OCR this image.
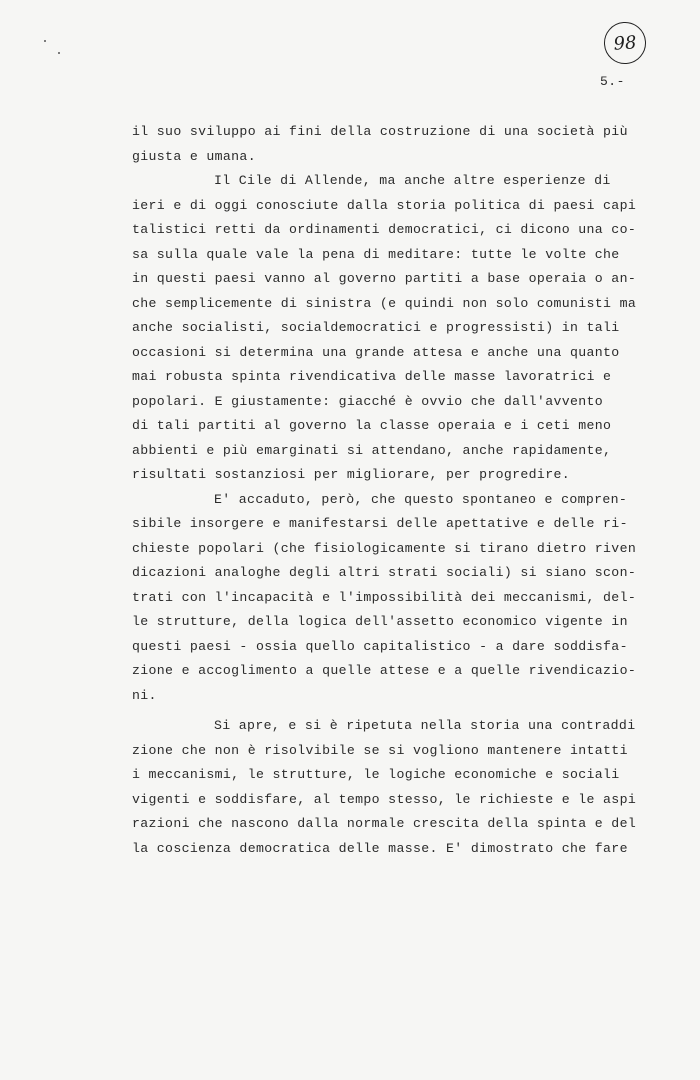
98
5.-
il suo sviluppo ai fini della costruzione di una società più
giusta e umana.
Il Cile di Allende, ma anche altre esperienze di
ieri e di oggi conosciute dalla storia politica di paesi capi
talistici retti da ordinamenti democratici, ci dicono una co-
sa sulla quale vale la pena di meditare: tutte le volte che
in questi paesi vanno al governo partiti a base operaia o an-
che semplicemente di sinistra (e quindi non solo comunisti ma
anche socialisti, socialdemocratici e progressisti) in tali
occasioni si determina una grande attesa e anche una quanto
mai robusta spinta rivendicativa delle masse lavoratrici e
popolari. E giustamente: giacché è ovvio che dall'avvento
di tali partiti al governo la classe operaia e i ceti meno
abbienti e più emarginati si attendano, anche rapidamente,
risultati sostanziosi per migliorare, per progredire.
E' accaduto, però, che questo spontaneo e compren-
sibile insorgere e manifestarsi delle apettative e delle ri-
chieste popolari (che fisiologicamente si tirano dietro riven
dicazioni analoghe degli altri strati sociali) si siano scon-
trati con l'incapacità e l'impossibilità dei meccanismi, del-
le strutture, della logica dell'assetto economico vigente in
questi paesi - ossia quello capitalistico - a dare soddisfa-
zione e accoglimento a quelle attese e a quelle rivendicazio-
ni.
Si apre, e si è ripetuta nella storia una contraddi
zione che non è risolvibile se si vogliono mantenere intatti
i meccanismi, le strutture, le logiche economiche e sociali
vigenti e soddisfare, al tempo stesso, le richieste e le aspi
razioni che nascono dalla normale crescita della spinta e del
la coscienza democratica delle masse. E' dimostrato che fare
